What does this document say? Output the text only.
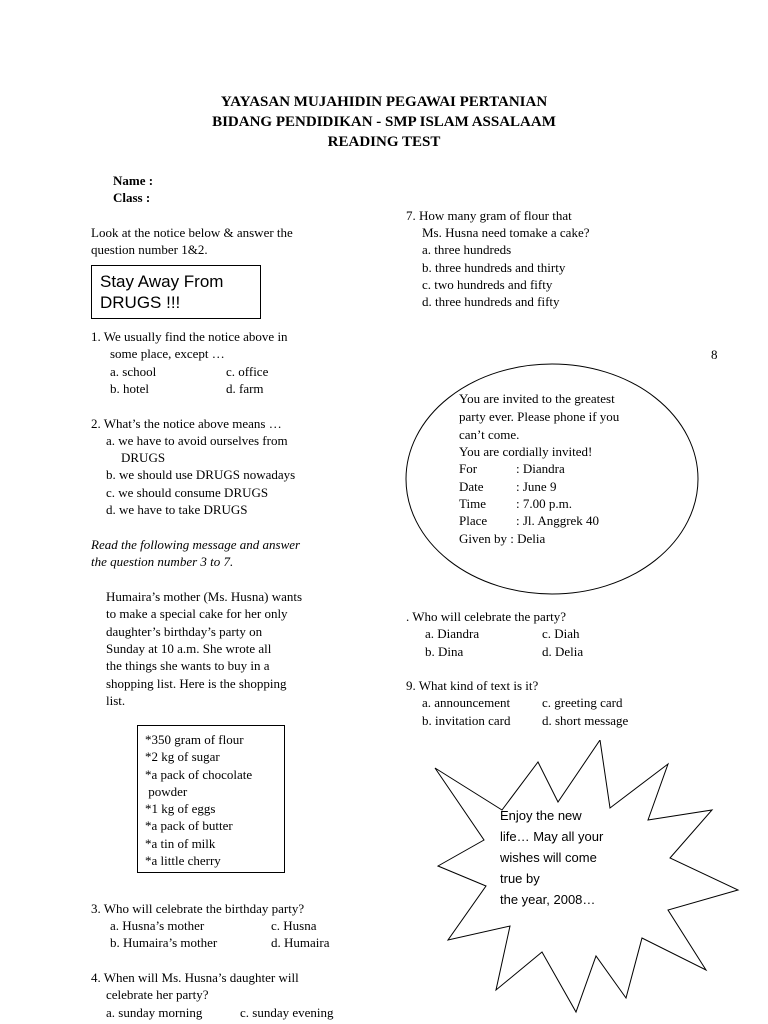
YAYASAN MUJAHIDIN PEGAWAI PERTANIAN
BIDANG PENDIDIKAN - SMP ISLAM ASSALAAM
READING TEST
Name :
Class :
Look at the notice below & answer the
question number 1&2.
Stay Away From
DRUGS !!!
1. We usually find the notice above in
some place, except …
a. school	c. office
b. hotel	d. farm
2. What’s the notice above means …
a. we have to avoid ourselves from
DRUGS
b. we should use DRUGS nowadays
c. we should consume DRUGS
d. we have to take DRUGS
Read the following message and answer
the question number 3 to 7.
Humaira’s mother (Ms. Husna) wants
to make a special cake for her only
daughter’s birthday’s party on
Sunday at 10 a.m. She wrote all
the things she wants to buy in a
shopping list. Here is the shopping
list.
*350 gram of flour
*2 kg of sugar
*a pack of chocolate
powder
*1 kg of eggs
*a pack of butter
*a tin of milk
*a little cherry
3. Who will celebrate the birthday party?
a. Husna’s mother	c. Husna
b. Humaira’s mother	d. Humaira
4. When will Ms. Husna’s daughter will
celebrate her party?
a. sunday morning	c. sunday evening
7. How many gram of flour that
Ms. Husna need tomake a cake?
a. three hundreds
b. three hundreds and thirty
c. two hundreds and fifty
d. three hundreds and fifty
8
You are invited to the greatest
party ever. Please phone if you
can’t come.
You are cordially invited!
For	: Diandra
Date : June 9
Time : 7.00 p.m.
Place : Jl. Anggrek 40
Given by : Delia
. Who will celebrate the party?
a. Diandra	c. Diah
b. Dina	d. Delia
9. What kind of text is it?
a. announcement c. greeting card
b. invitation card d. short message
Enjoy the new
life… May all your
wishes will come
true by
the year, 2008…
